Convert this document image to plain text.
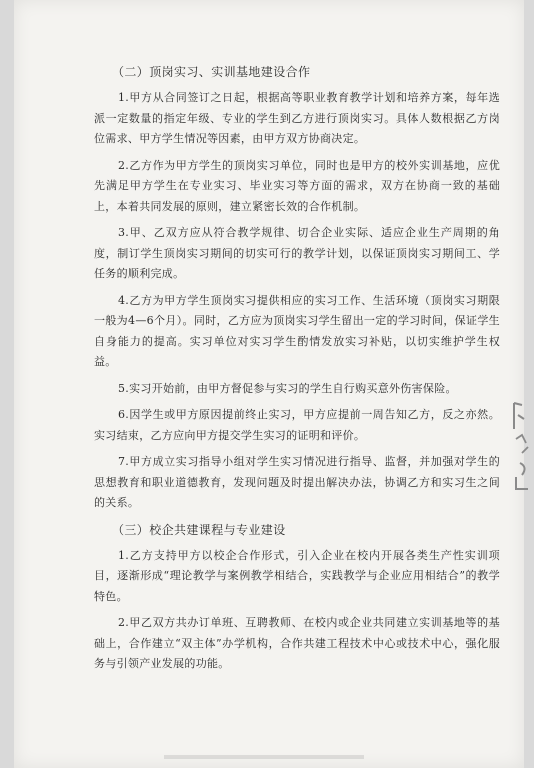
（二）顶岗实习、实训基地建设合作

1.甲方从合同签订之日起，根据高等职业教育教学计划和培养方案，每年选派一定数量的指定年级、专业的学生到乙方进行顶岗实习。具体人数根据乙方岗位需求、甲方学生情况等因素，由甲方双方协商决定。

2.乙方作为甲方学生的顶岗实习单位，同时也是甲方的校外实训基地，应优先满足甲方学生在专业实习、毕业实习等方面的需求，双方在协商一致的基础上，本着共同发展的原则，建立紧密长效的合作机制。

3.甲、乙双方应从符合教学规律、切合企业实际、适应企业生产周期的角度，制订学生顶岗实习期间的切实可行的教学计划，以保证顶岗实习期间工、学任务的顺利完成。

4.乙方为甲方学生顶岗实习提供相应的实习工作、生活环境（顶岗实习期限一般为4—6个月）。同时，乙方应为顶岗实习学生留出一定的学习时间，保证学生自身能力的提高。实习单位对实习学生酌情发放实习补贴，以切实维护学生权益。

5.实习开始前，由甲方督促参与实习的学生自行购买意外伤害保险。

6.因学生或甲方原因提前终止实习，甲方应提前一周告知乙方，反之亦然。实习结束，乙方应向甲方提交学生实习的证明和评价。

7.甲方成立实习指导小组对学生实习情况进行指导、监督，并加强对学生的思想教育和职业道德教育，发现问题及时提出解决办法，协调乙方和实习生之间的关系。

（三）校企共建课程与专业建设

1.乙方支持甲方以校企合作形式，引入企业在校内开展各类生产性实训项目，逐渐形成“理论教学与案例教学相结合，实践教学与企业应用相结合”的教学特色。

2.甲乙双方共办订单班、互聘教师、在校内或企业共同建立实训基地等的基础上，合作建立“双主体”办学机构，合作共建工程技术中心或技术中心，强化服务与引领产业发展的功能。
